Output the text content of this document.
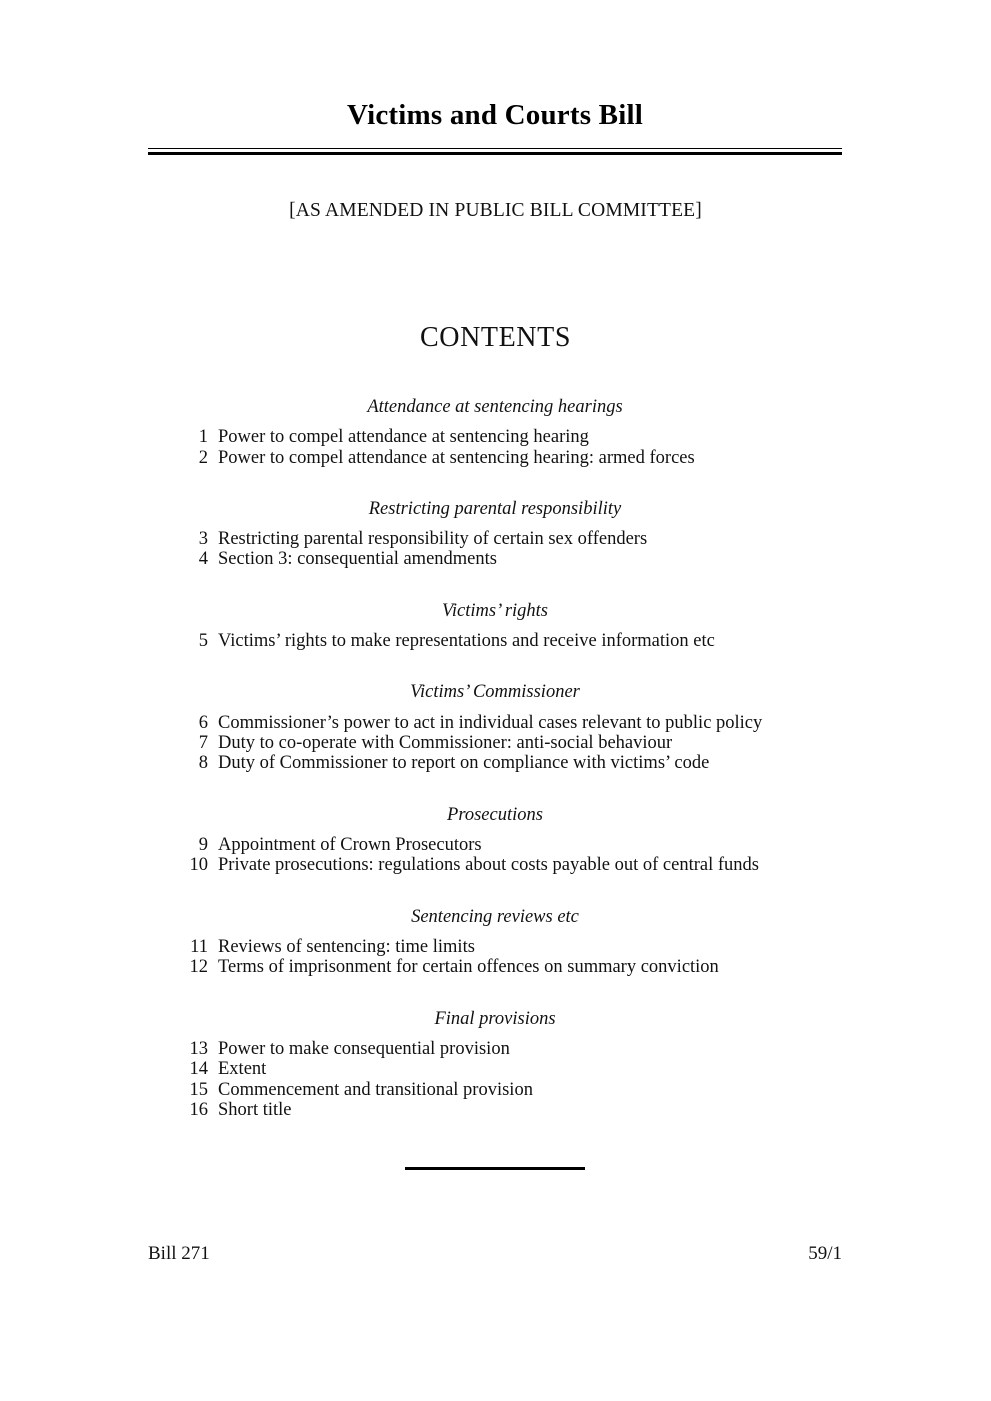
Victims and Courts Bill
[AS AMENDED IN PUBLIC BILL COMMITTEE]
CONTENTS
Attendance at sentencing hearings
1 Power to compel attendance at sentencing hearing
2 Power to compel attendance at sentencing hearing: armed forces
Restricting parental responsibility
3 Restricting parental responsibility of certain sex offenders
4 Section 3: consequential amendments
Victims’ rights
5 Victims’ rights to make representations and receive information etc
Victims’ Commissioner
6 Commissioner’s power to act in individual cases relevant to public policy
7 Duty to co-operate with Commissioner: anti-social behaviour
8 Duty of Commissioner to report on compliance with victims’ code
Prosecutions
9 Appointment of Crown Prosecutors
10 Private prosecutions: regulations about costs payable out of central funds
Sentencing reviews etc
11 Reviews of sentencing: time limits
12 Terms of imprisonment for certain offences on summary conviction
Final provisions
13 Power to make consequential provision
14 Extent
15 Commencement and transitional provision
16 Short title
Bill 271	59/1
